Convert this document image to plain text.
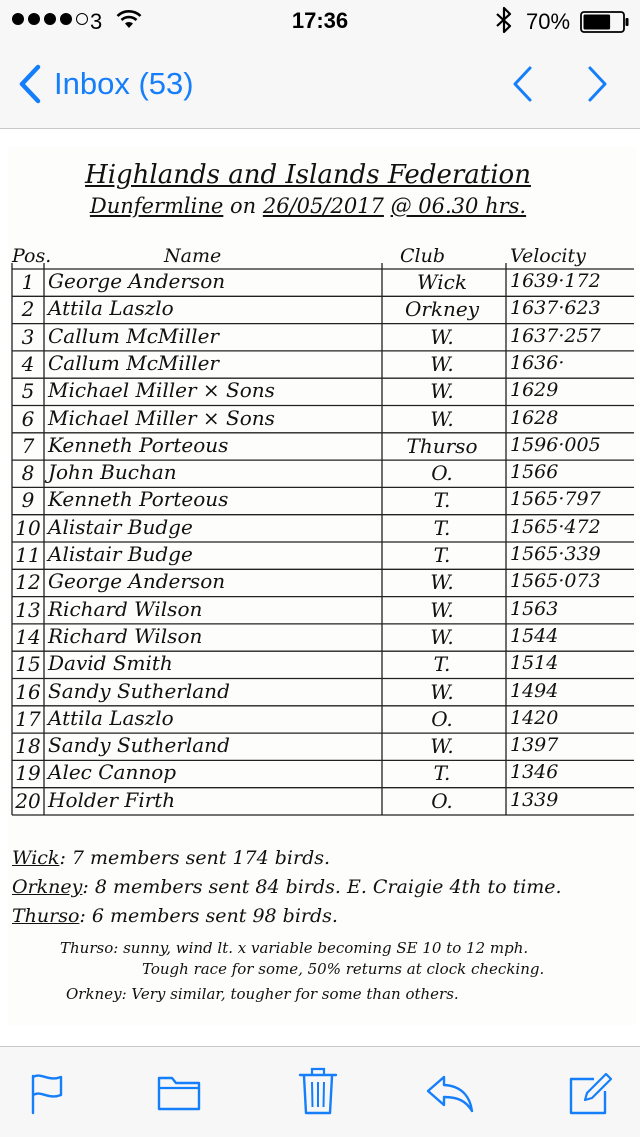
3	17:36	70%
Inbox (53)
Highlands and Islands Federation
Dunfermline on 26/05/2017 @ 06.30 hrs.
Pos.	Name	Club	Velocity
1 George Anderson	Wick	1639·172
2 Attila Laszlo	Orkney	1637·623
3 Callum McMiller	W.	1637·257
4 Callum McMiller	W.	1636·
5 Michael Miller × Sons	W.	1629
6 Michael Miller × Sons	W.	1628
7 Kenneth Porteous	Thurso	1596·005
8 John Buchan	O.	1566
9 Kenneth Porteous	T.	1565·797
10 Alistair Budge	T.	1565·472
11 Alistair Budge	T.	1565·339
12 George Anderson	W.	1565·073
13 Richard Wilson	W.	1563
14 Richard Wilson	W.	1544
15 David Smith	T.	1514
16 Sandy Sutherland	W.	1494
17 Attila Laszlo	O.	1420
18 Sandy Sutherland	W.	1397
19 Alec Cannop	T.	1346
20 Holder Firth	O.	1339
Wick: 7 members sent 174 birds.
Orkney: 8 members sent 84 birds. E. Craigie 4th to time.
Thurso: 6 members sent 98 birds.
Thurso: sunny, wind lt. x variable becoming SE 10 to 12 mph.
Tough race for some, 50% returns at clock checking.
Orkney: Very similar, tougher for some than others.
